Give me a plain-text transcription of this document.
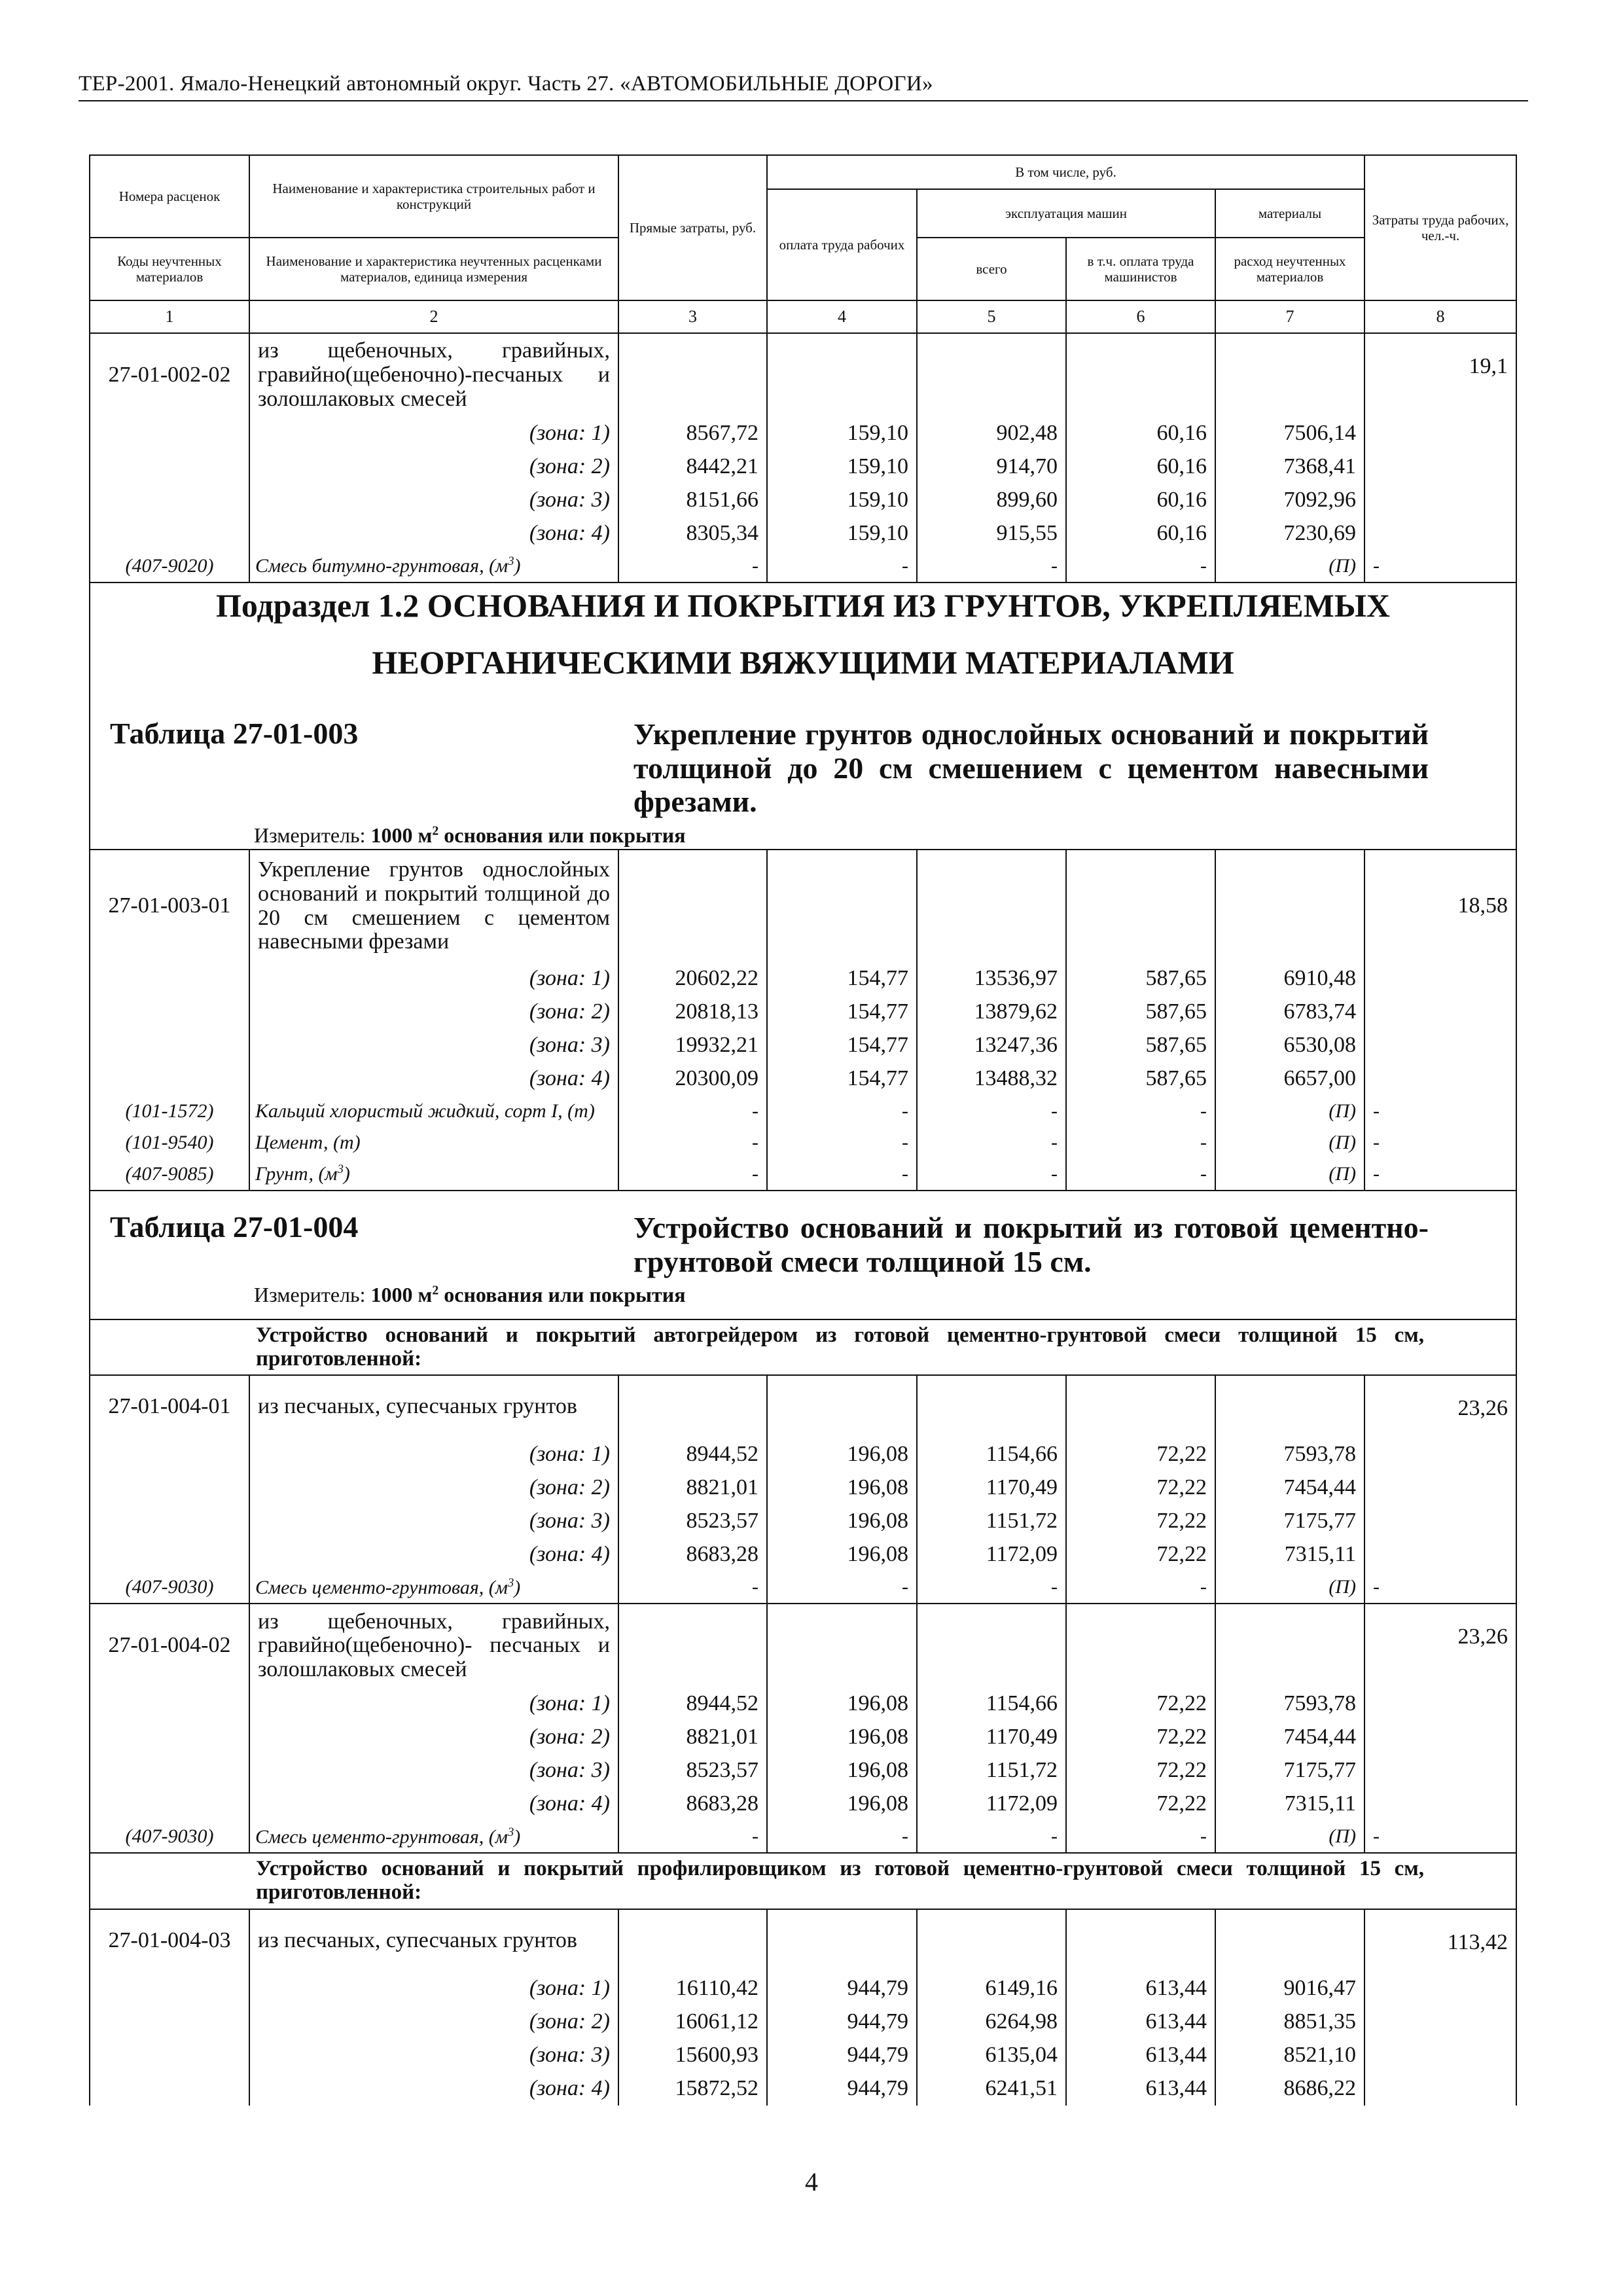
ТЕР-2001. Ямало-Ненецкий автономный округ. Часть 27. «АВТОМОБИЛЬНЫЕ ДОРОГИ»
Номера расценок	Наименование и характеристика строительных работ и конструкций	Прямые затраты, руб.	В том числе, руб.				Затраты труда рабочих, чел.-ч.
			оплата труда рабочих	эксплуатация машин		материалы	
Коды неучтенных материалов	Наименование и характеристика неучтенных расценками материалов, единица измерения			всего	в т.ч. оплата труда машинистов	расход неучтенных материалов	
1	2	3	4	5	6	7	8
27-01-002-02	из щебеночных, гравийных, гравийно(щебеночно)-песчаных и золошлаковых смесей						19,1
	(зона: 1)	8567,72	159,10	902,48	60,16	7506,14	
	(зона: 2)	8442,21	159,10	914,70	60,16	7368,41	
	(зона: 3)	8151,66	159,10	899,60	60,16	7092,96	
	(зона: 4)	8305,34	159,10	915,55	60,16	7230,69	
(407-9020)	Смесь битумно-грунтовая, $(м^3)$	-	-	-	-	(П)	-

Подраздел 1.2 ОСНОВАНИЯ И ПОКРЫТИЯ ИЗ ГРУНТОВ, УКРЕПЛЯЕМЫХ
НЕОРГАНИЧЕСКИМИ ВЯЖУЩИМИ МАТЕРИАЛАМИ
Таблица 27-01-003 Укрепление грунтов однослойных оснований и покрытий толщиной до 20 см смешением с цементом навесными фрезами.
Измеритель: 1000 $м^2$ основания или покрытия							

27-01-003-01	Укрепление грунтов однослойных оснований и покрытий толщиной до 20 см смешением с цементом навесными фрезами						18,58
	(зона: 1)	20602,22	154,77	13536,97	587,65	6910,48	
	(зона: 2)	20818,13	154,77	13879,62	587,65	6783,74	
	(зона: 3)	19932,21	154,77	13247,36	587,65	6530,08	
	(зона: 4)	20300,09	154,77	13488,32	587,65	6657,00	
(101-1572)	Кальций хлористый жидкий, сорт I, (т)	-	-	-	-	(П)	-
(101-9540)	Цемент, (т)	-	-	-	-	(П)	-
(407-9085)	Грунт, $(м^3)$	-	-	-	-	(П)	-

Таблица 27-01-004 Устройство оснований и покрытий из готовой цементно-грунтовой смеси толщиной 15 см.
Измеритель: 1000 $м^2$ основания или покрытия							

	Устройство оснований и покрытий автогрейдером из готовой цементно-грунтовой смеси толщиной 15 см, приготовленной:						
27-01-004-01	из песчаных, супесчаных грунтов						23,26
	(зона: 1)	8944,52	196,08	1154,66	72,22	7593,78	
	(зона: 2)	8821,01	196,08	1170,49	72,22	7454,44	
	(зона: 3)	8523,57	196,08	1151,72	72,22	7175,77	
	(зона: 4)	8683,28	196,08	1172,09	72,22	7315,11	
(407-9030)	Смесь цементо-грунтовая, $(м^3)$	-	-	-	-	(П)	-
27-01-004-02	из щебеночных, гравийных, гравийно(щебеночно)- песчаных и золошлаковых смесей						23,26
	(зона: 1)	8944,52	196,08	1154,66	72,22	7593,78	
	(зона: 2)	8821,01	196,08	1170,49	72,22	7454,44	
	(зона: 3)	8523,57	196,08	1151,72	72,22	7175,77	
	(зона: 4)	8683,28	196,08	1172,09	72,22	7315,11	
(407-9030)	Смесь цементо-грунтовая, $(м^3)$	-	-	-	-	(П)	-
	Устройство оснований и покрытий профилировщиком из готовой цементно-грунтовой смеси толщиной 15 см, приготовленной:						
27-01-004-03	из песчаных, супесчаных грунтов						113,42
	(зона: 1)	16110,42	944,79	6149,16	613,44	9016,47	
	(зона: 2)	16061,12	944,79	6264,98	613,44	8851,35	
	(зона: 3)	15600,93	944,79	6135,04	613,44	8521,10	
	(зона: 4)	15872,52	944,79	6241,51	613,44	8686,22	
4
